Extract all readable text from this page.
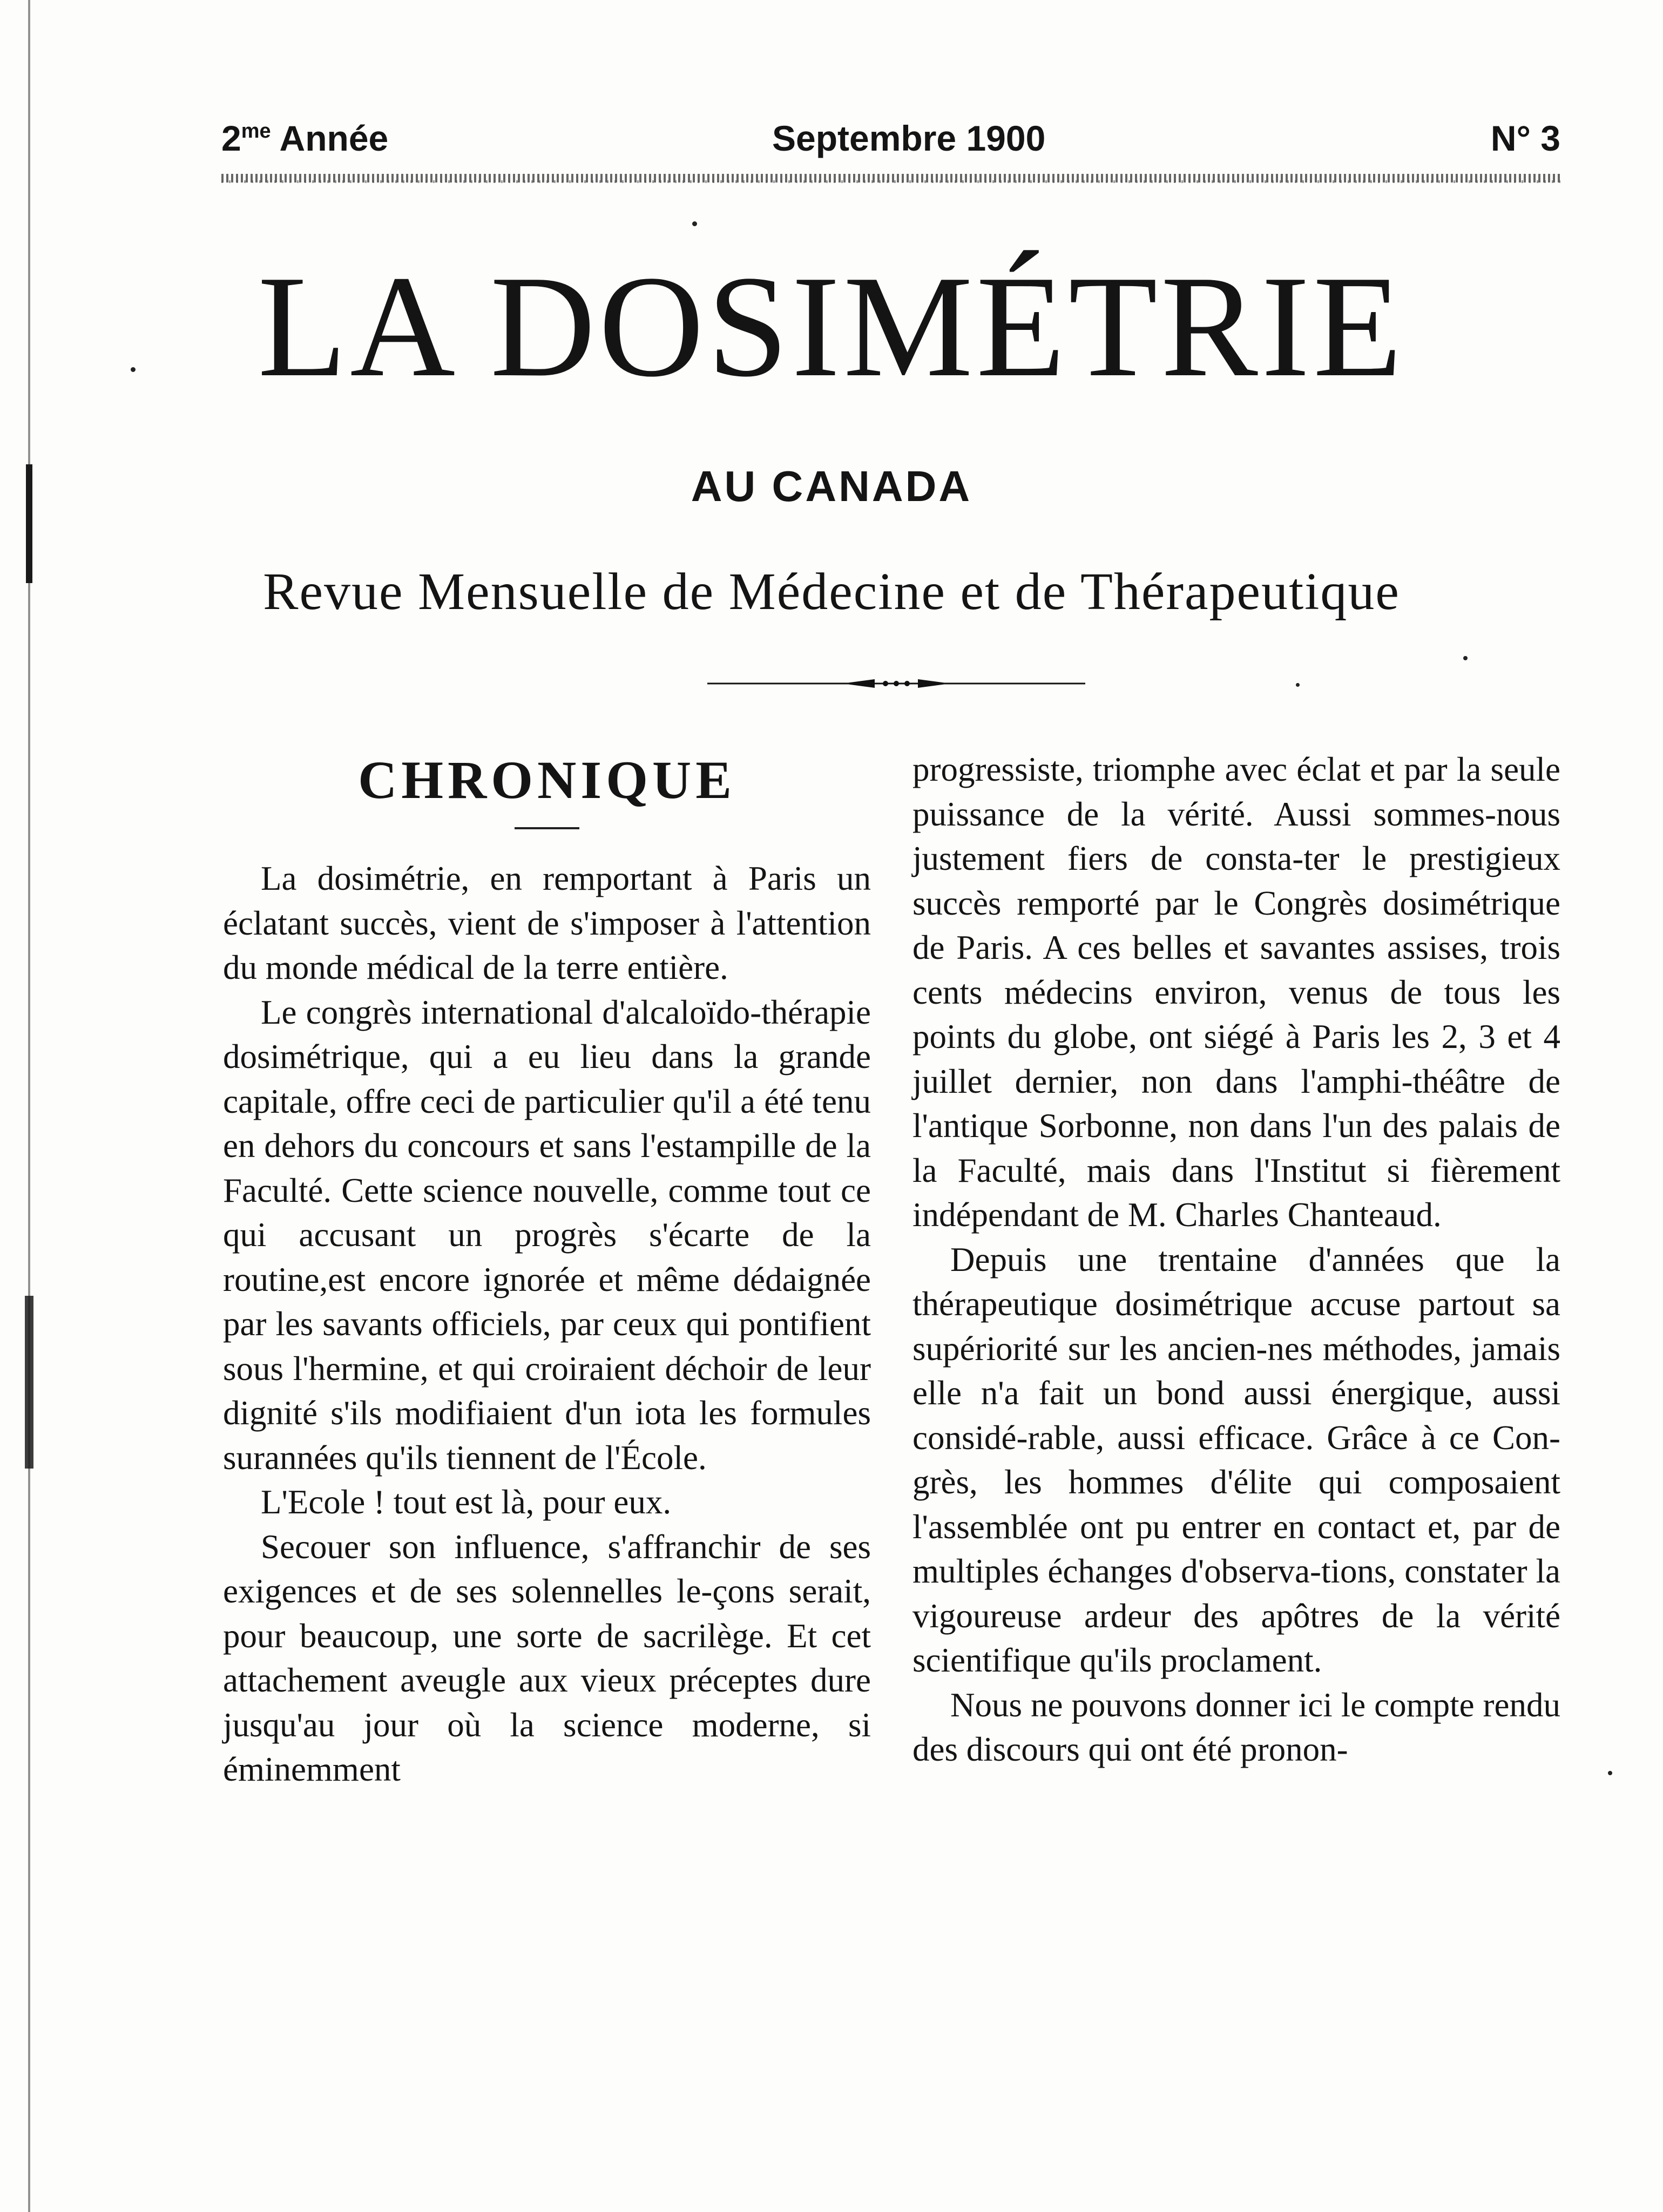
$2^{me}$ Année	Septembre 1900	N° 3
LA DOSIMÉTRIE
AU CANADA
Revue Mensuelle de Médecine et de Thérapeutique
CHRONIQUE

La dosimétrie, en remportant à Paris un éclatant succès, vient de s'imposer à l'attention du monde médical de la terre entière.

Le congrès international d'alcaloïdo-thérapie dosimétrique, qui a eu lieu dans la grande capitale, offre ceci de particulier qu'il a été tenu en dehors du concours et sans l'estampille de la Faculté. Cette science nouvelle, comme tout ce qui accusant un progrès s'écarte de la routine,est encore ignorée et même dédaignée par les savants officiels, par ceux qui pontifient sous l'hermine, et qui croiraient déchoir de leur dignité s'ils modifiaient d'un iota les formules surannées qu'ils tiennent de l'École.

L'Ecole ! tout est là, pour eux.

Secouer son influence, s'affranchir de ses exigences et de ses solennelles le-çons serait, pour beaucoup, une sorte de sacrilège. Et cet attachement aveugle aux vieux préceptes dure jusqu'au jour où la science moderne, si éminemment

progressiste, triomphe avec éclat et par la seule puissance de la vérité. Aussi sommes-nous justement fiers de consta-ter le prestigieux succès remporté par le Congrès dosimétrique de Paris. A ces belles et savantes assises, trois cents médecins environ, venus de tous les points du globe, ont siégé à Paris les 2, 3 et 4 juillet dernier, non dans l'amphi-théâtre de l'antique Sorbonne, non dans l'un des palais de la Faculté, mais dans l'Institut si fièrement indépendant de M. Charles Chanteaud.

Depuis une trentaine d'années que la thérapeutique dosimétrique accuse partout sa supériorité sur les ancien-nes méthodes, jamais elle n'a fait un bond aussi énergique, aussi considé-rable, aussi efficace. Grâce à ce Con-grès, les hommes d'élite qui composaient l'assemblée ont pu entrer en contact et, par de multiples échanges d'observa-tions, constater la vigoureuse ardeur des apôtres de la vérité scientifique qu'ils proclament.

Nous ne pouvons donner ici le compte rendu des discours qui ont été pronon-
